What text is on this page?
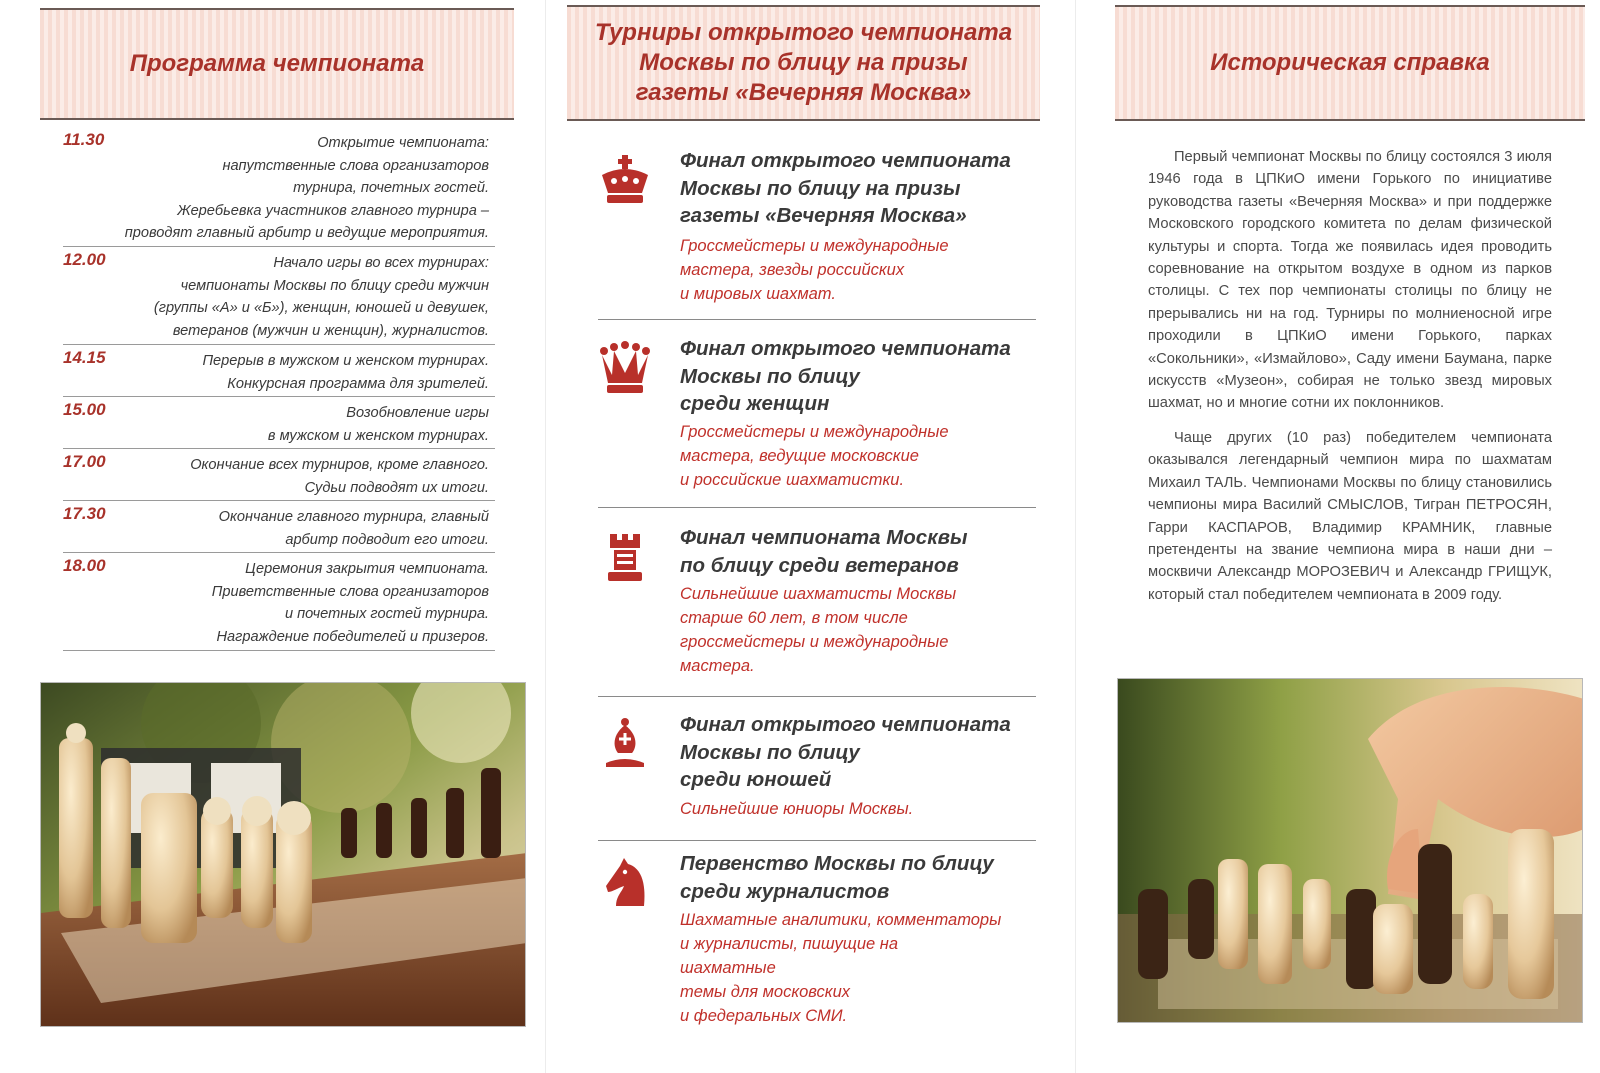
Программа чемпионата
11.30	Открытие чемпионата:
напутственные слова организаторов
турнира, почетных гостей.
Жеребьевка участников главного турнира –
проводят главный арбитр и ведущие мероприятия.
12.00	Начало игры во всех турнирах:
чемпионаты Москвы по блицу среди мужчин
(группы «А» и «Б»), женщин, юношей и девушек,
ветеранов (мужчин и женщин), журналистов.
14.15	Перерыв в мужском и женском турнирах.
Конкурсная программа для зрителей.
15.00	Возобновление игры
в мужском и женском турнирах.
17.00	Окончание всех турниров, кроме главного.
Судьи подводят их итоги.
17.30	Окончание главного турнира, главный
арбитр подводит его итоги.
18.00	Церемония закрытия чемпионата.
Приветственные слова организаторов
и почетных гостей турнира.
Награждение победителей и призеров.
Турниры открытого чемпионата
Москвы по блицу на призы
газеты «Вечерняя Москва»
Финал открытого чемпионата
Москвы по блицу на призы
газеты «Вечерняя Москва»
Гроссмейстеры и международные
мастера, звезды российских
и мировых шахмат.
Финал открытого чемпионата
Москвы по блицу
среди женщин
Гроссмейстеры и международные
мастера, ведущие московские
и российские шахматистки.
Финал чемпионата Москвы
по блицу среди ветеранов
Сильнейшие шахматисты Москвы
старше 60 лет, в том числе
гроссмейстеры и международные
мастера.
Финал открытого чемпионата
Москвы по блицу
среди юношей
Сильнейшие юниоры Москвы.
Первенство Москвы по блицу
среди журналистов
Шахматные аналитики, комментаторы
и журналисты, пишущие на
шахматные
темы для московских
и федеральных СМИ.
Историческая справка

Первый чемпионат Москвы по блицу состоялся 3 июля 1946 года в ЦПКиО имени Горького по инициативе руководства газеты «Вечерняя Москва» и при поддержке Московского городского комитета по делам физической культуры и спорта. Тогда же появилась идея проводить соревнование на открытом воздухе в одном из парков столицы. С тех пор чемпионаты столицы по блицу не прерывались ни на год. Турниры по молниеносной игре проходили в ЦПКиО имени Горького, парках «Сокольники», «Измайлово», Саду имени Баумана, парке искусств «Музеон», собирая не только звезд мировых шахмат, но и многие сотни их поклонников.

Чаще других (10 раз) победителем чемпионата оказывался легендарный чемпион мира по шахматам Михаил ТАЛЬ. Чемпионами Москвы по блицу становились чемпионы мира Василий СМЫСЛОВ, Тигран ПЕТРОСЯН, Гарри КАСПАРОВ, Владимир КРАМНИК, главные претенденты на звание чемпиона мира в наши дни – москвичи Александр МОРОЗЕВИЧ и Александр ГРИЩУК, который стал победителем чемпионата в 2009 году.
